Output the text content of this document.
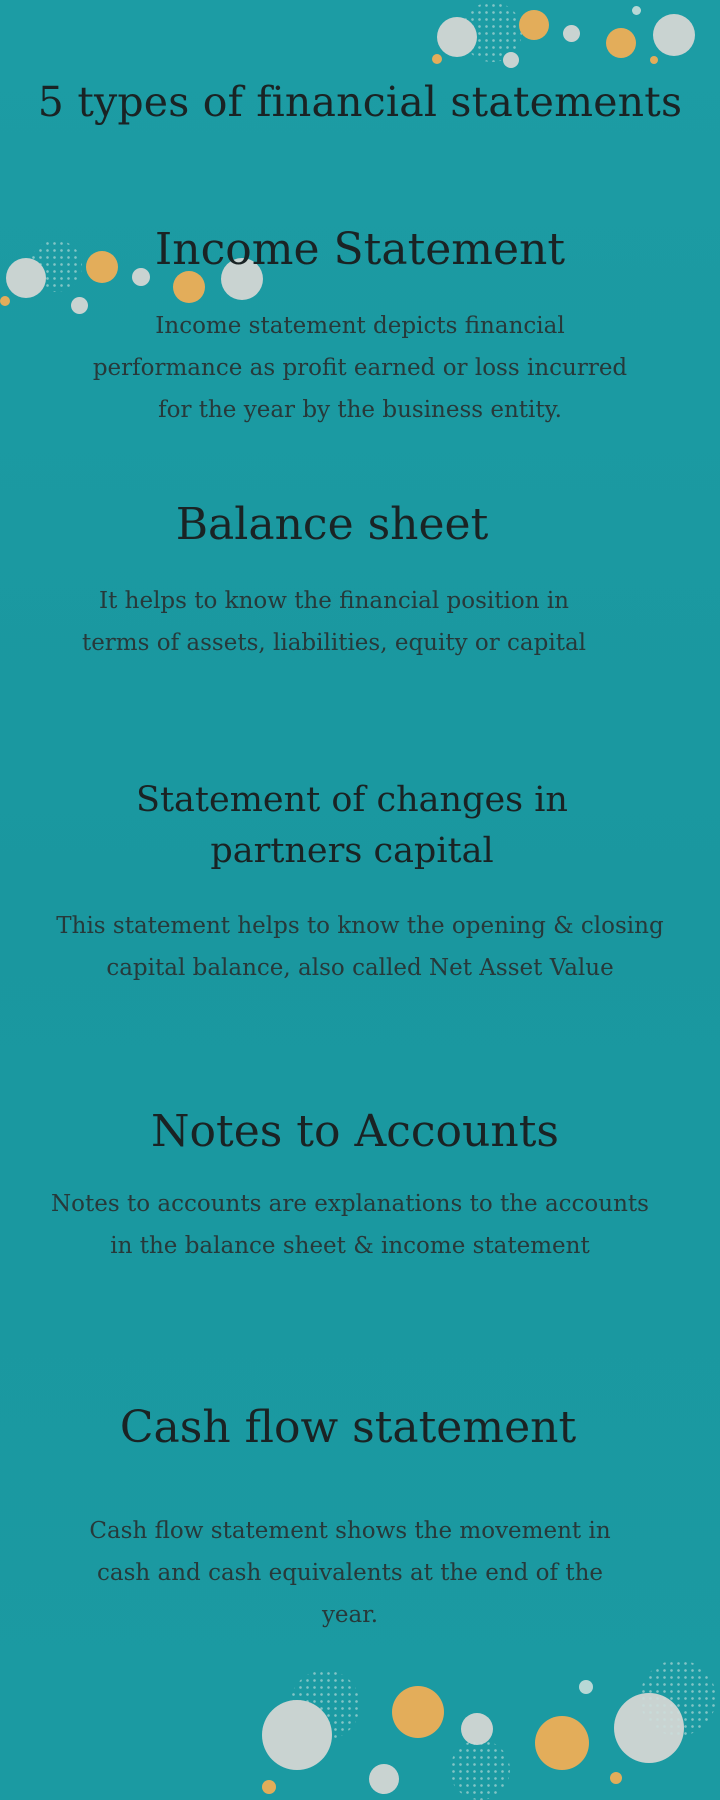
5 types of financial statements
Income Statement
Income statement depicts financial
performance as profit earned or loss incurred
for the year by the business entity.
Balance sheet
It helps to know the financial position in
terms of assets, liabilities, equity or capital
Statement of changes in
partners capital
This statement helps to know the opening & closing
capital balance, also called Net Asset Value
Notes to Accounts
Notes to accounts are explanations to the accounts
in the balance sheet & income statement
Cash flow statement
Cash flow statement shows the movement in
cash and cash equivalents at the end of the
year.
